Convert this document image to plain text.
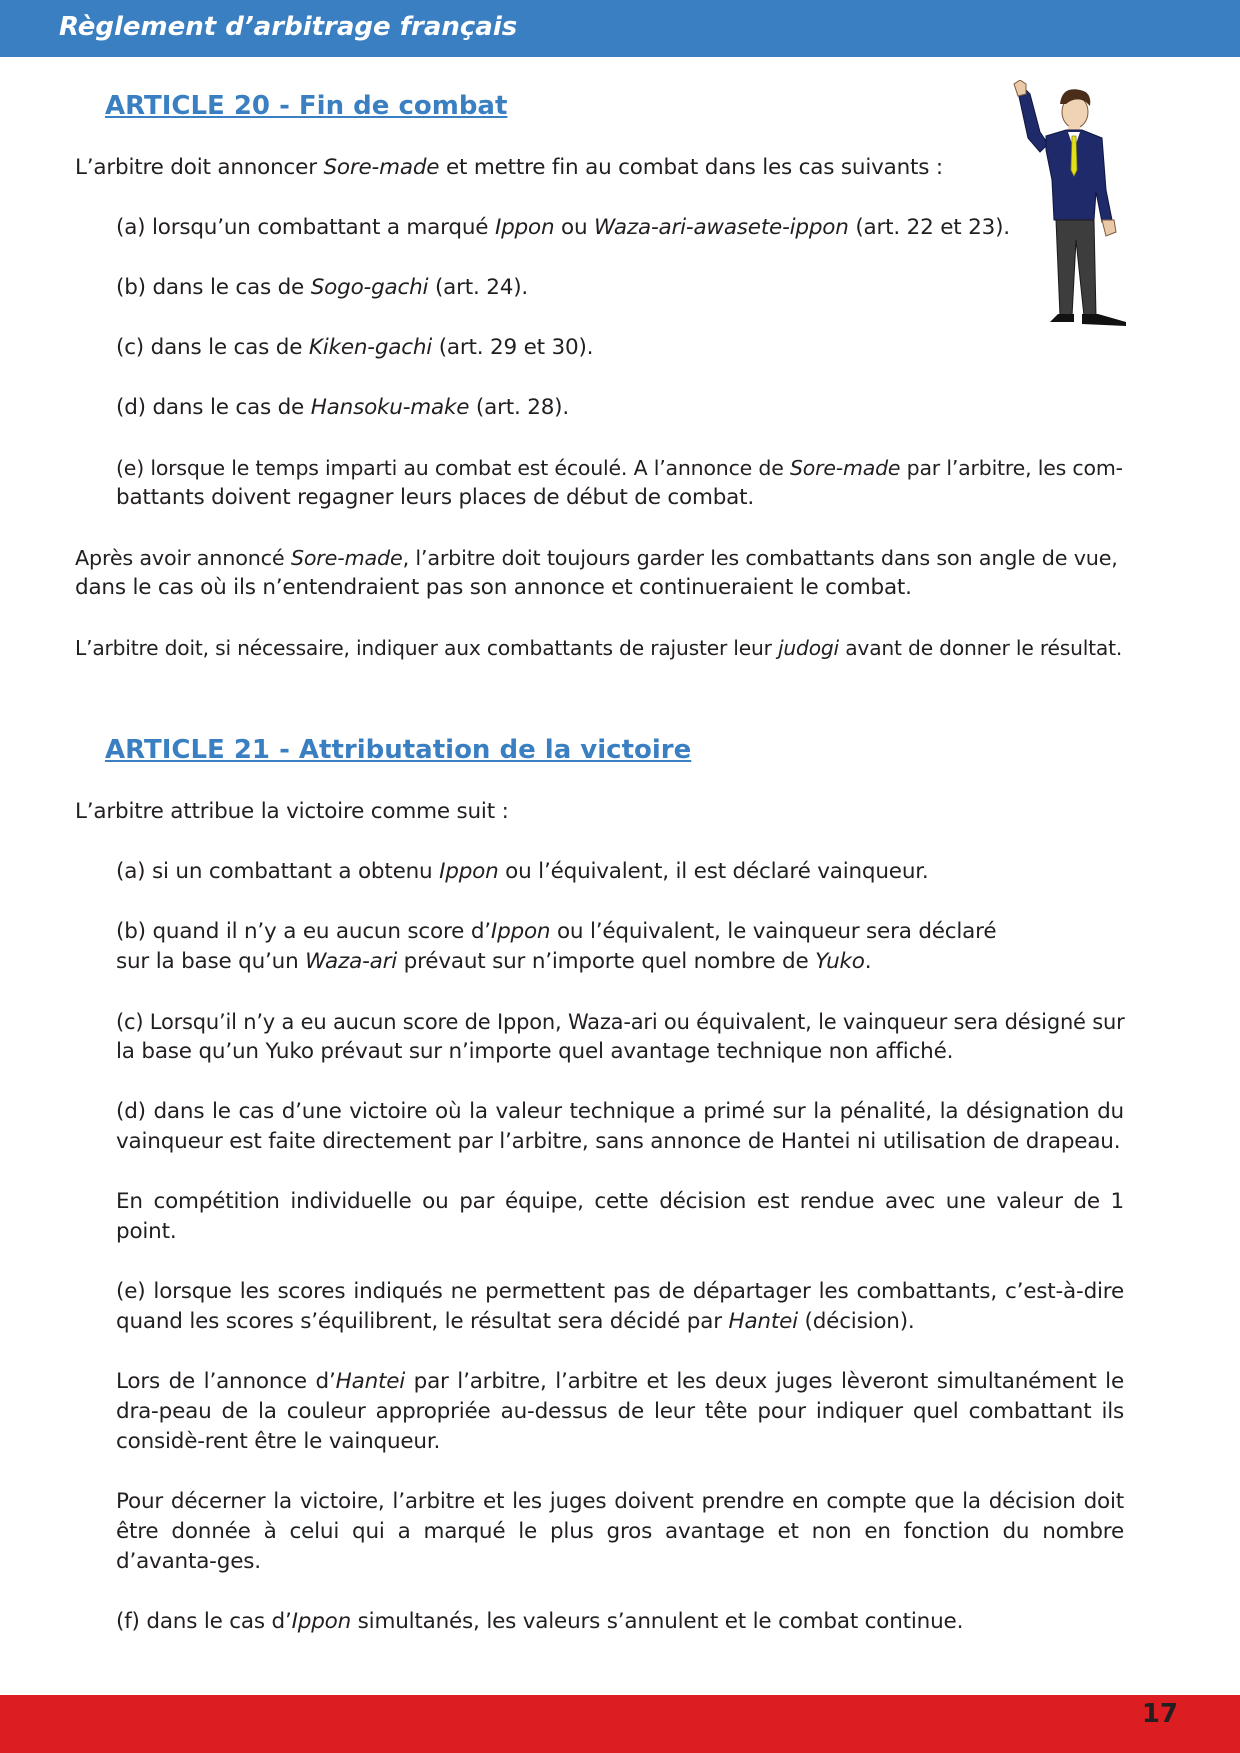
Règlement d’arbitrage français
ARTICLE 20 - Fin de combat

L’arbitre doit annoncer Sore-made et mettre fin au combat dans les cas suivants :

(a) lorsqu’un combattant a marqué Ippon ou Waza-ari-awasete-ippon (art. 22 et 23).

(b) dans le cas de Sogo-gachi (art. 24).

(c) dans le cas de Kiken-gachi (art. 29 et 30).

(d) dans le cas de Hansoku-make (art. 28).

(e) lorsque le temps imparti au combat est écoulé. A l’annonce de Sore-made par l’arbitre, les com-

battants doivent regagner leurs places de début de combat.

Après avoir annoncé Sore-made, l’arbitre doit toujours garder les combattants dans son angle de vue,

dans le cas où ils n’entendraient pas son annonce et continueraient le combat.

L’arbitre doit, si nécessaire, indiquer aux combattants de rajuster leur judogi avant de donner le résultat.

ARTICLE 21 - Attributation de la victoire

L’arbitre attribue la victoire comme suit :

(a) si un combattant a obtenu Ippon ou l’équivalent, il est déclaré vainqueur.

(b) quand il n’y a eu aucun score d’Ippon ou l’équivalent, le vainqueur sera déclaré

sur la base qu’un Waza-ari prévaut sur n’importe quel nombre de Yuko.

(c) Lorsqu’il n’y a eu aucun score de Ippon, Waza-ari ou équivalent, le vainqueur sera désigné sur

la base qu’un Yuko prévaut sur n’importe quel avantage technique non affiché.

(d) dans le cas d’une victoire où la valeur technique a primé sur la pénalité, la désignation du vainqueur est faite directement par l’arbitre, sans annonce de Hantei ni utilisation de drapeau.

En compétition individuelle ou par équipe, cette décision est rendue avec une valeur de 1 point.

(e) lorsque les scores indiqués ne permettent pas de départager les combattants, c’est-à-dire quand les scores s’équilibrent, le résultat sera décidé par Hantei (décision).

Lors de l’annonce d’Hantei par l’arbitre, l’arbitre et les deux juges lèveront simultanément le dra-peau de la couleur appropriée au-dessus de leur tête pour indiquer quel combattant ils considè-rent être le vainqueur.

Pour décerner la victoire, l’arbitre et les juges doivent prendre en compte que la décision doit être donnée à celui qui a marqué le plus gros avantage et non en fonction du nombre d’avanta-ges.

(f) dans le cas d’Ippon simultanés, les valeurs s’annulent et le combat continue.

17
